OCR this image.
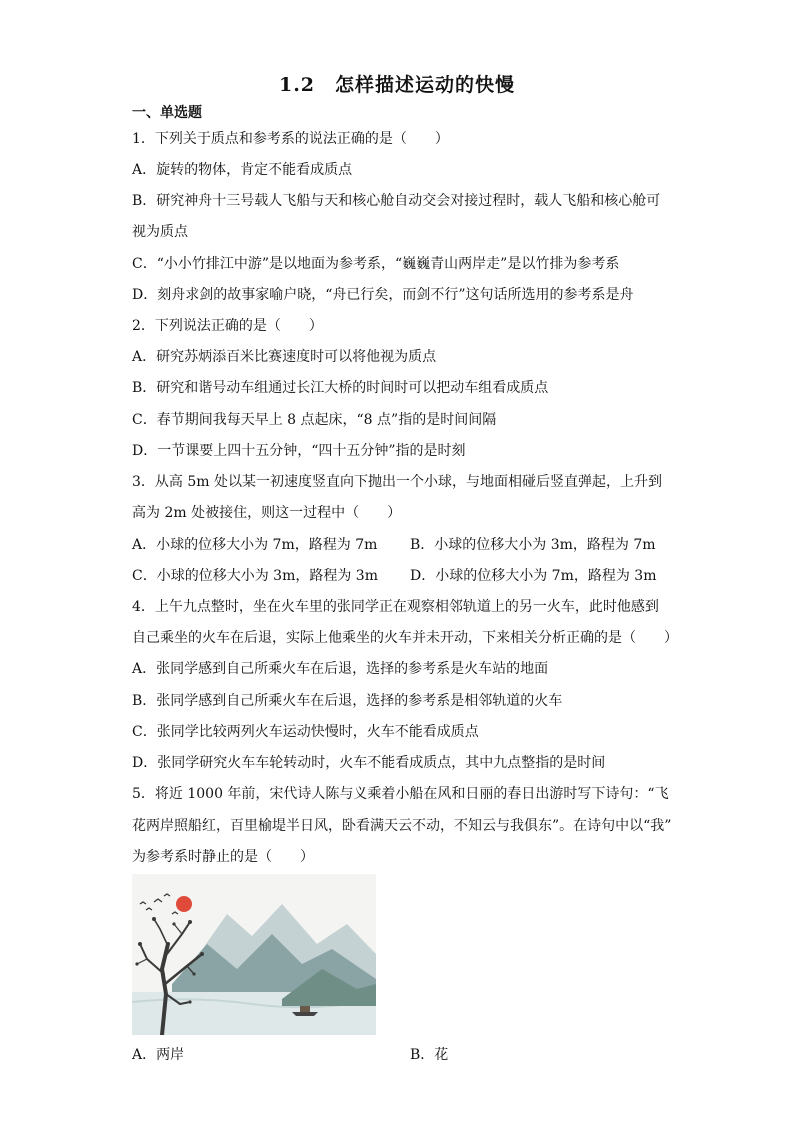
1.2　怎样描述运动的快慢
一、单选题
1．下列关于质点和参考系的说法正确的是（　　）
A．旋转的物体，肯定不能看成质点
B．研究神舟十三号载人飞船与天和核心舱自动交会对接过程时，载人飞船和核心舱可
视为质点
C．“小小竹排江中游”是以地面为参考系，“巍巍青山两岸走”是以竹排为参考系
D．刻舟求剑的故事家喻户晓，“舟已行矣，而剑不行”这句话所选用的参考系是舟
2．下列说法正确的是（　　）
A．研究苏炳添百米比赛速度时可以将他视为质点
B．研究和谐号动车组通过长江大桥的时间时可以把动车组看成质点
C．春节期间我每天早上 8 点起床，“8 点”指的是时间间隔
D．一节课要上四十五分钟，“四十五分钟”指的是时刻
3．从高 5m 处以某一初速度竖直向下抛出一个小球，与地面相碰后竖直弹起，上升到
高为 2m 处被接住，则这一过程中（　　）
A．小球的位移大小为 7m，路程为 7m B．小球的位移大小为 3m，路程为 7m
C．小球的位移大小为 3m，路程为 3m D．小球的位移大小为 7m，路程为 3m
4．上午九点整时，坐在火车里的张同学正在观察相邻轨道上的另一火车，此时他感到
自己乘坐的火车在后退，实际上他乘坐的火车并未开动，下来相关分析正确的是（　　）
A．张同学感到自己所乘火车在后退，选择的参考系是火车站的地面
B．张同学感到自己所乘火车在后退，选择的参考系是相邻轨道的火车
C．张同学比较两列火车运动快慢时，火车不能看成质点
D．张同学研究火车车轮转动时，火车不能看成质点，其中九点整指的是时间
5．将近 1000 年前，宋代诗人陈与义乘着小船在风和日丽的春日出游时写下诗句：“飞
花两岸照船红，百里榆堤半日风，卧看满天云不动，不知云与我俱东”。在诗句中以“我”
为参考系时静止的是（　　）
A．两岸	B．花
